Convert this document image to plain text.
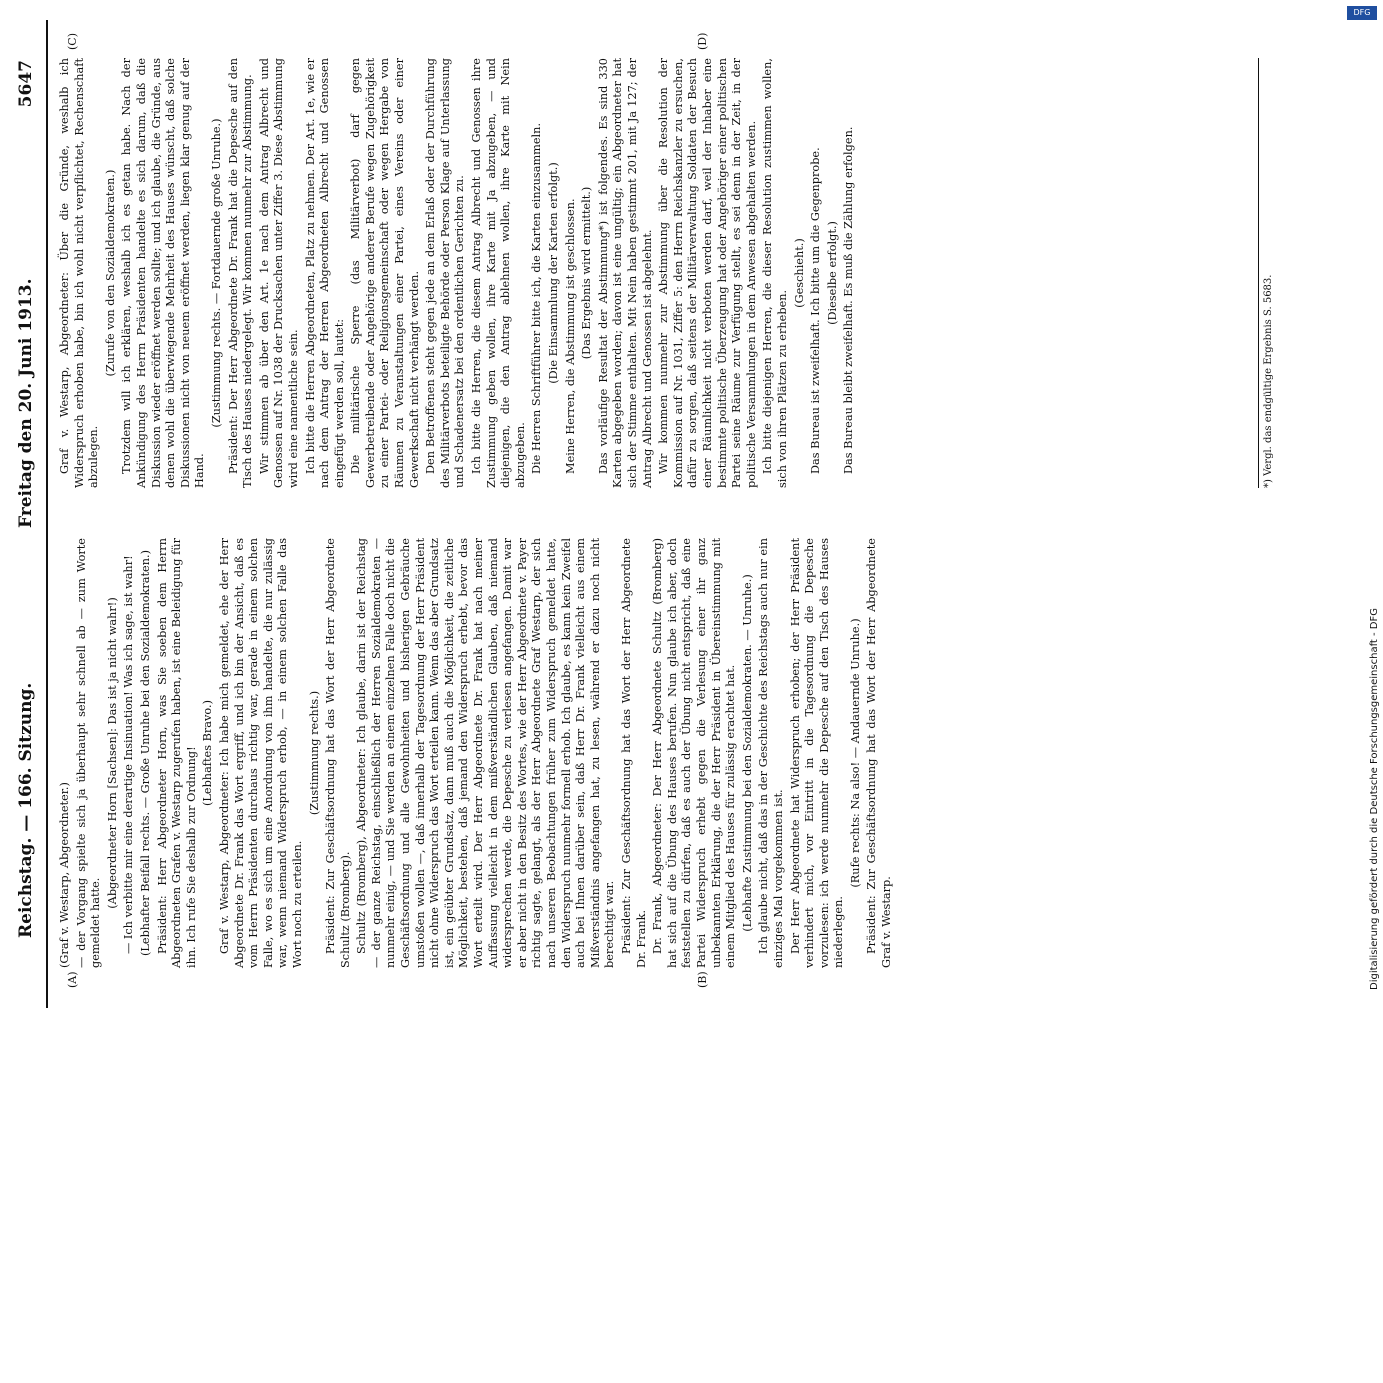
Reichstag. — 166. Sitzung.
Freitag den 20. Juni 1913.
5647
(A)	(B)
(C)	(D)

(Graf v. Westarp, Abgeordneter.) — der Vorgang spielte sich ja überhaupt sehr schnell ab — zum Worte gemeldet hatte.

(Abgeordneter Horn [Sachsen]: Das ist ja nicht wahr!) — Ich verbitte mir eine derartige Insinuation! Was ich sage, ist wahr! (Lebhafter Beifall rechts. — Große Unruhe bei den Sozialdemokraten.) Präsident: Herr Abgeordneter Horn, was Sie soeben dem Herrn Abgeordneten Grafen v. Westarp zugerufen haben, ist eine Beleidigung für ihn. Ich rufe Sie deshalb zur Ordnung! (Lebhaftes Bravo.) Graf v. Westarp, Abgeordneter: Ich habe mich gemeldet, ehe der Herr Abgeordnete Dr. Frank das Wort ergriff, und ich bin der Ansicht, daß es vom Herrn Präsidenten durchaus richtig war, gerade in einem solchen Falle, wo es sich um eine Anordnung von ihm handelte, die nur zulässig war, wenn niemand Widerspruch erhob, — in einem solchen Falle das Wort noch zu erteilen.

(Zustimmung rechts.) Präsident: Zur Geschäftsordnung hat das Wort der Herr Abgeordnete Schultz (Bromberg). Schultz (Bromberg), Abgeordneter: Ich glaube, darin ist der Reichstag — der ganze Reichstag, einschließlich der Herren Sozialdemokraten — nunmehr einig, — und Sie werden an einem einzelnen Falle doch nicht die Geschäftsordnung und alle Gewohnheiten und bisherigen Gebräuche umstoßen wollen —, daß innerhalb der Tagesordnung der Herr Präsident nicht ohne Widerspruch das Wort erteilen kann. Wenn das aber Grundsatz ist, ein geübter Grundsatz, dann muß auch die Möglichkeit, die zeitliche Möglichkeit, bestehen, daß jemand den Widerspruch erhebt, bevor das Wort erteilt wird. Der Herr Abgeordnete Dr. Frank hat nach meiner Auffassung vielleicht in dem mißverständlichen Glauben, daß niemand widersprechen werde, die Depesche zu verlesen angefangen. Damit war er aber nicht in den Besitz des Wortes, wie der Herr Abgeordnete v. Payer richtig sagte, gelangt, als der Herr Abgeordnete Graf Westarp, der sich nach unseren Beobachtungen früher zum Widerspruch gemeldet hatte, den Widerspruch nunmehr formell erhob. Ich glaube, es kann kein Zweifel auch bei Ihnen darüber sein, daß Herr Dr. Frank vielleicht aus einem Mißverständnis angefangen hat, zu lesen, während er dazu noch nicht berechtigt war. Präsident: Zur Geschäftsordnung hat das Wort der Herr Abgeordnete Dr. Frank. Dr. Frank, Abgeordneter: Der Herr Abgeordnete Schultz (Bromberg) hat sich auf die Übung des Hauses berufen. Nun glaube ich aber, doch feststellen zu dürfen, daß es auch der Übung nicht entspricht, daß eine Partei Widerspruch erhebt gegen die Verlesung einer ihr ganz unbekannten Erklärung, die der Herr Präsident in Übereinstimmung mit einem Mitglied des Hauses für zulässig erachtet hat. (Lebhafte Zustimmung bei den Sozialdemokraten. — Unruhe.) Ich glaube nicht, daß das in der Geschichte des Reichstags auch nur ein einziges Mal vorgekommen ist. Der Herr Abgeordnete hat Widerspruch erhoben; der Herr Präsident verhindert mich, vor Eintritt in die Tagesordnung die Depesche vorzulesen: ich werde nunmehr die Depesche auf den Tisch des Hauses niederlegen.

(Rufe rechts: Na also! — Andauernde Unruhe.) Präsident: Zur Geschäftsordnung hat das Wort der Herr Abgeordnete Graf v. Westarp.

Graf v. Westarp, Abgeordneter: Über die Gründe, weshalb ich Widerspruch erhoben habe, bin ich wohl nicht verpflichtet, Rechenschaft abzulegen.

(Zurufe von den Sozialdemokraten.) Trotzdem will ich erklären, weshalb ich es getan habe. Nach der Ankündigung des Herrn Präsidenten handelte es sich darum, daß die Diskussion wieder eröffnet werden sollte; und ich glaube, die Gründe, aus denen wohl die überwiegende Mehrheit des Hauses wünscht, daß solche Diskussionen nicht von neuem eröffnet werden, liegen klar genug auf der Hand.

(Zustimmung rechts. — Fortdauernde große Unruhe.) Präsident: Der Herr Abgeordnete Dr. Frank hat die Depesche auf den Tisch des Hauses niedergelegt. Wir kommen nunmehr zur Abstimmung. Wir stimmen ab über den Art. 1e nach dem Antrag Albrecht und Genossen auf Nr. 1038 der Drucksachen unter Ziffer 3. Diese Abstimmung wird eine namentliche sein. Ich bitte die Herren Abgeordneten, Platz zu nehmen. Der Art. 1e, wie er nach dem Antrag der Herren Abgeordneten Albrecht und Genossen eingefügt werden soll, lautet: Die militärische Sperre (das Militärverbot) darf gegen Gewerbetreibende oder Angehörige anderer Berufe wegen Zugehörigkeit zu einer Partei- oder Religionsgemeinschaft oder wegen Hergabe von Räumen zu Veranstaltungen einer Partei, eines Vereins oder einer Gewerkschaft nicht verhängt werden. Den Betroffenen steht gegen jede an dem Erlaß oder der Durchführung des Militärverbots beteiligte Behörde oder Person Klage auf Unterlassung und Schadenersatz bei den ordentlichen Gerichten zu. Ich bitte die Herren, die diesem Antrag Albrecht und Genossen ihre Zustimmung geben wollen, ihre Karte mit Ja abzugeben, — und diejenigen, die den Antrag ablehnen wollen, ihre Karte mit Nein abzugeben. Die Herren Schriftführer bitte ich, die Karten einzusammeln. (Die Einsammlung der Karten erfolgt.) Meine Herren, die Abstimmung ist geschlossen. (Das Ergebnis wird ermittelt.) Das vorläufige Resultat der Abstimmung*) ist folgendes. Es sind 330 Karten abgegeben worden; davon ist eine ungültig; ein Abgeordneter hat sich der Stimme enthalten. Mit Nein haben gestimmt 201, mit Ja 127; der Antrag Albrecht und Genossen ist abgelehnt. Wir kommen nunmehr zur Abstimmung über die Resolution der Kommission auf Nr. 1031, Ziffer 5: den Herrn Reichskanzler zu ersuchen, dafür zu sorgen, daß seitens der Militärverwaltung Soldaten der Besuch einer Räumlichkeit nicht verboten werden darf, weil der Inhaber eine bestimmte politische Überzeugung hat oder Angehöriger einer politischen Partei seine Räume zur Verfügung stellt, es sei denn in der Zeit, in der politische Versammlungen in dem Anwesen abgehalten werden. Ich bitte diejenigen Herren, die dieser Resolution zustimmen wollen, sich von ihren Plätzen zu erheben.

(Geschieht.) Das Bureau ist zweifelhaft. Ich bitte um die Gegenprobe. (Dieselbe erfolgt.) Das Bureau bleibt zweifelhaft. Es muß die Zählung erfolgen.	*) Vergl. das endgültige Ergebnis S. 5683.
DFG
Digitalisierung gefördert durch die Deutsche Forschungsgemeinschaft - DFG
